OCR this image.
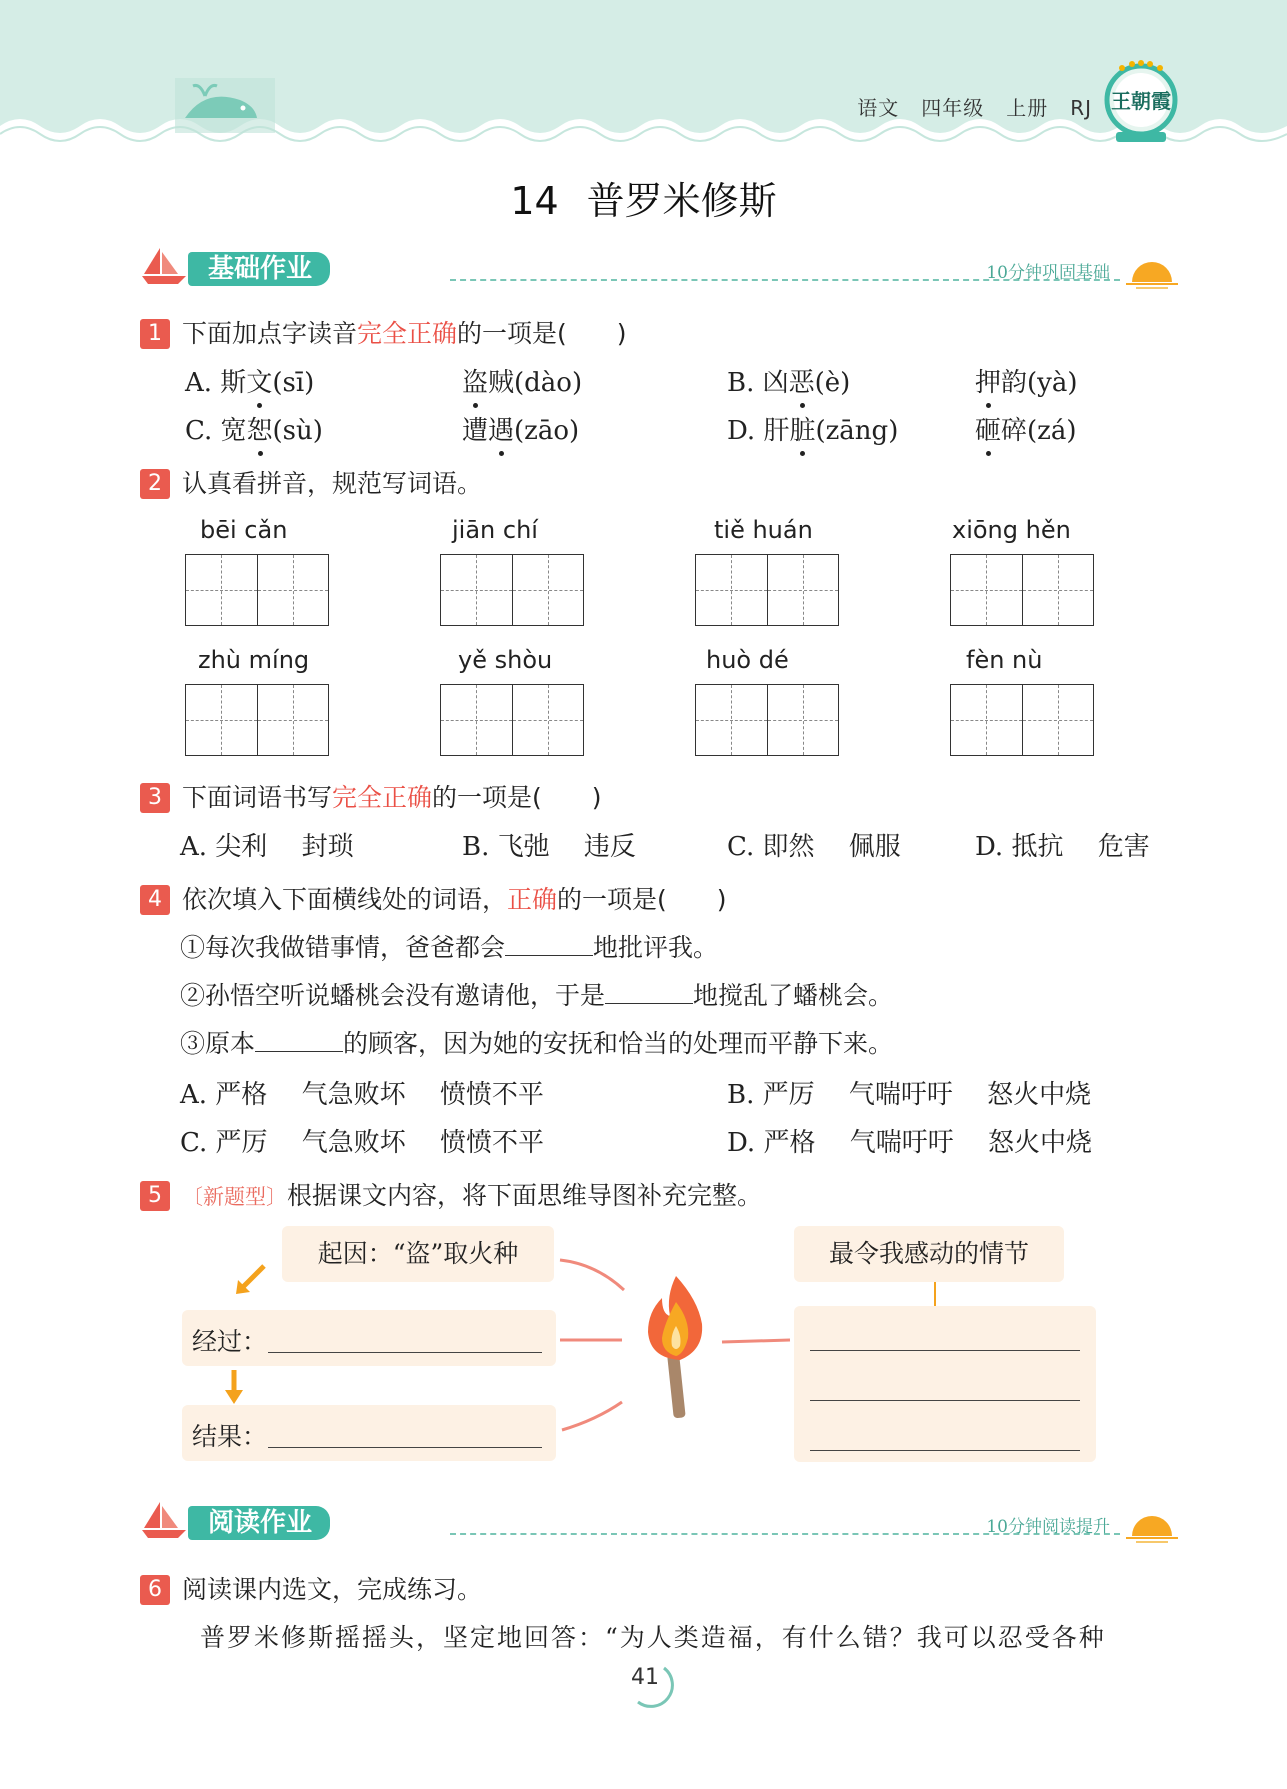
语文 四年级 上册 RJ 王朝霞
14 普罗米修斯
基础作业	10分钟巩固基础
1 下面加点字读音完全正确的一项是(　　)
A. 斯文(sī)	盗贼(dào)	B. 凶恶(è)	押韵(yà)
C. 宽恕(sù)	遭遇(zāo)	D. 肝脏(zāng)	砸碎(zá)
2 认真看拼音，规范写词语。
bēi cǎn	jiān chí	tiě huán	xiōng hěn
zhù míng	yě shòu	huò dé	fèn nù
3 下面词语书写完全正确的一项是(　　)
A. 尖利　 封琐	B. 飞弛　 违反	C. 即然　 佩服	D. 抵抗　 危害
4 依次填入下面横线处的词语，正确的一项是(　　)
①每次我做错事情，爸爸都会	地批评我。
②孙悟空听说蟠桃会没有邀请他，于是	地搅乱了蟠桃会。
③原本	的顾客，因为她的安抚和恰当的处理而平静下来。
A. 严格　 气急败坏　 愤愤不平	B. 严厉　 气喘吁吁　 怒火中烧
C. 严厉　 气急败坏　 愤愤不平	D. 严格　 气喘吁吁　 怒火中烧
5 〔新题型〕根据课文内容，将下面思维导图补充完整。
起因：“盗”取火种
经过：
结果：
最令我感动的情节
阅读作业	10分钟阅读提升
6 阅读课内选文，完成练习。
普罗米修斯摇摇头，坚定地回答：“为人类造福，有什么错？我可以忍受各种
41
